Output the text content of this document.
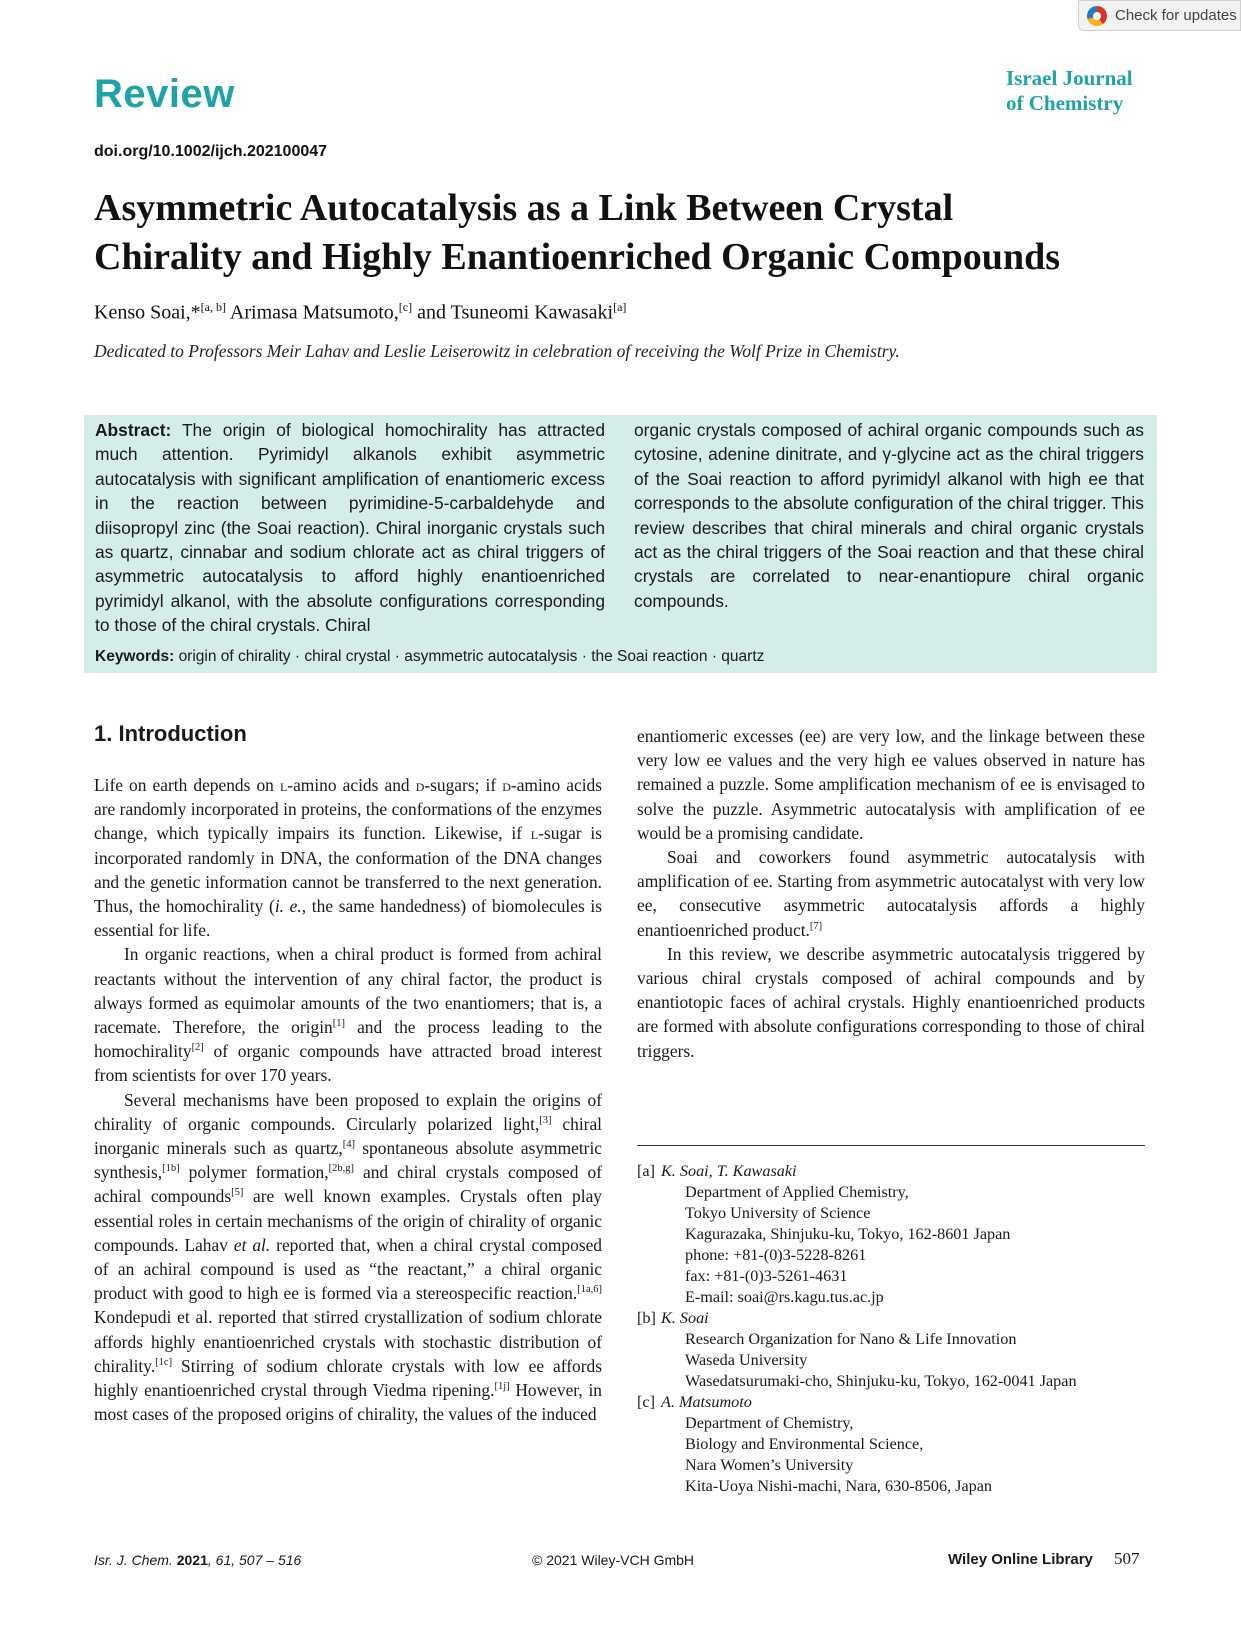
Check for updates
Review	Israel Journal
of Chemistry
doi.org/10.1002/ijch.202100047
Asymmetric Autocatalysis as a Link Between Crystal
Chirality and Highly Enantioenriched Organic Compounds
Kenso Soai,*[a, b] Arimasa Matsumoto,[c] and Tsuneomi Kawasaki[a]
Dedicated to Professors Meir Lahav and Leslie Leiserowitz in celebration of receiving the Wolf Prize in Chemistry.
Abstract: The origin of biological homochirality has attracted much attention. Pyrimidyl alkanols exhibit asymmetric autocatalysis with significant amplification of enantiomeric excess in the reaction between pyrimidine-5-carbaldehyde and diisopropyl zinc (the Soai reaction). Chiral inorganic crystals such as quartz, cinnabar and sodium chlorate act as chiral triggers of asymmetric autocatalysis to afford highly enantioenriched pyrimidyl alkanol, with the absolute configurations corresponding to those of the chiral crystals. Chiral
organic crystals composed of achiral organic compounds such as cytosine, adenine dinitrate, and γ-glycine act as the chiral triggers of the Soai reaction to afford pyrimidyl alkanol with high ee that corresponds to the absolute configuration of the chiral trigger. This review describes that chiral minerals and chiral organic crystals act as the chiral triggers of the Soai reaction and that these chiral crystals are correlated to near-enantiopure chiral organic compounds.
Keywords: origin of chirality · chiral crystal · asymmetric autocatalysis · the Soai reaction · quartz
1. Introduction

Life on earth depends on l-amino acids and d-sugars; if d-amino acids are randomly incorporated in proteins, the conformations of the enzymes change, which typically impairs its function. Likewise, if l-sugar is incorporated randomly in DNA, the conformation of the DNA changes and the genetic information cannot be transferred to the next generation. Thus, the homochirality (i. e., the same handedness) of biomolecules is essential for life.

In organic reactions, when a chiral product is formed from achiral reactants without the intervention of any chiral factor, the product is always formed as equimolar amounts of the two enantiomers; that is, a racemate. Therefore, the origin[1] and the process leading to the homochirality[2] of organic compounds have attracted broad interest from scientists for over 170 years.

Several mechanisms have been proposed to explain the origins of chirality of organic compounds. Circularly polarized light,[3] chiral inorganic minerals such as quartz,[4] spontaneous absolute asymmetric synthesis,[1b] polymer formation,[2b,g] and chiral crystals composed of achiral compounds[5] are well known examples. Crystals often play essential roles in certain mechanisms of the origin of chirality of organic compounds. Lahav et al. reported that, when a chiral crystal composed of an achiral compound is used as “the reactant,” a chiral organic product with good to high ee is formed via a stereospecific reaction.[1a,6] Kondepudi et al. reported that stirred crystallization of sodium chlorate affords highly enantioenriched crystals with stochastic distribution of chirality.[1c] Stirring of sodium chlorate crystals with low ee affords highly enantioenriched crystal through Viedma ripening.[1j] However, in most cases of the proposed origins of chirality, the values of the induced

enantiomeric excesses (ee) are very low, and the linkage between these very low ee values and the very high ee values observed in nature has remained a puzzle. Some amplification mechanism of ee is envisaged to solve the puzzle. Asymmetric autocatalysis with amplification of ee would be a promising candidate.

Soai and coworkers found asymmetric autocatalysis with amplification of ee. Starting from asymmetric autocatalyst with very low ee, consecutive asymmetric autocatalysis affords a highly enantioenriched product.[7]

In this review, we describe asymmetric autocatalysis triggered by various chiral crystals composed of achiral compounds and by enantiotopic faces of achiral crystals. Highly enantioenriched products are formed with absolute configurations corresponding to those of chiral triggers.

[a] K. Soai, T. Kawasaki
Department of Applied Chemistry,
Tokyo University of Science
Kagurazaka, Shinjuku-ku, Tokyo, 162-8601 Japan
phone: +81-(0)3-5228-8261
fax: +81-(0)3-5261-4631
E-mail: soai@rs.kagu.tus.ac.jp
[b] K. Soai
Research Organization for Nano & Life Innovation
Waseda University
Wasedatsurumaki-cho, Shinjuku-ku, Tokyo, 162-0041 Japan
[c] A. Matsumoto
Department of Chemistry,
Biology and Environmental Science,
Nara Women’s University
Kita-Uoya Nishi-machi, Nara, 630-8506, Japan
Isr. J. Chem. 2021, 61, 507 – 516	© 2021 Wiley-VCH GmbH	Wiley Online Library 507
